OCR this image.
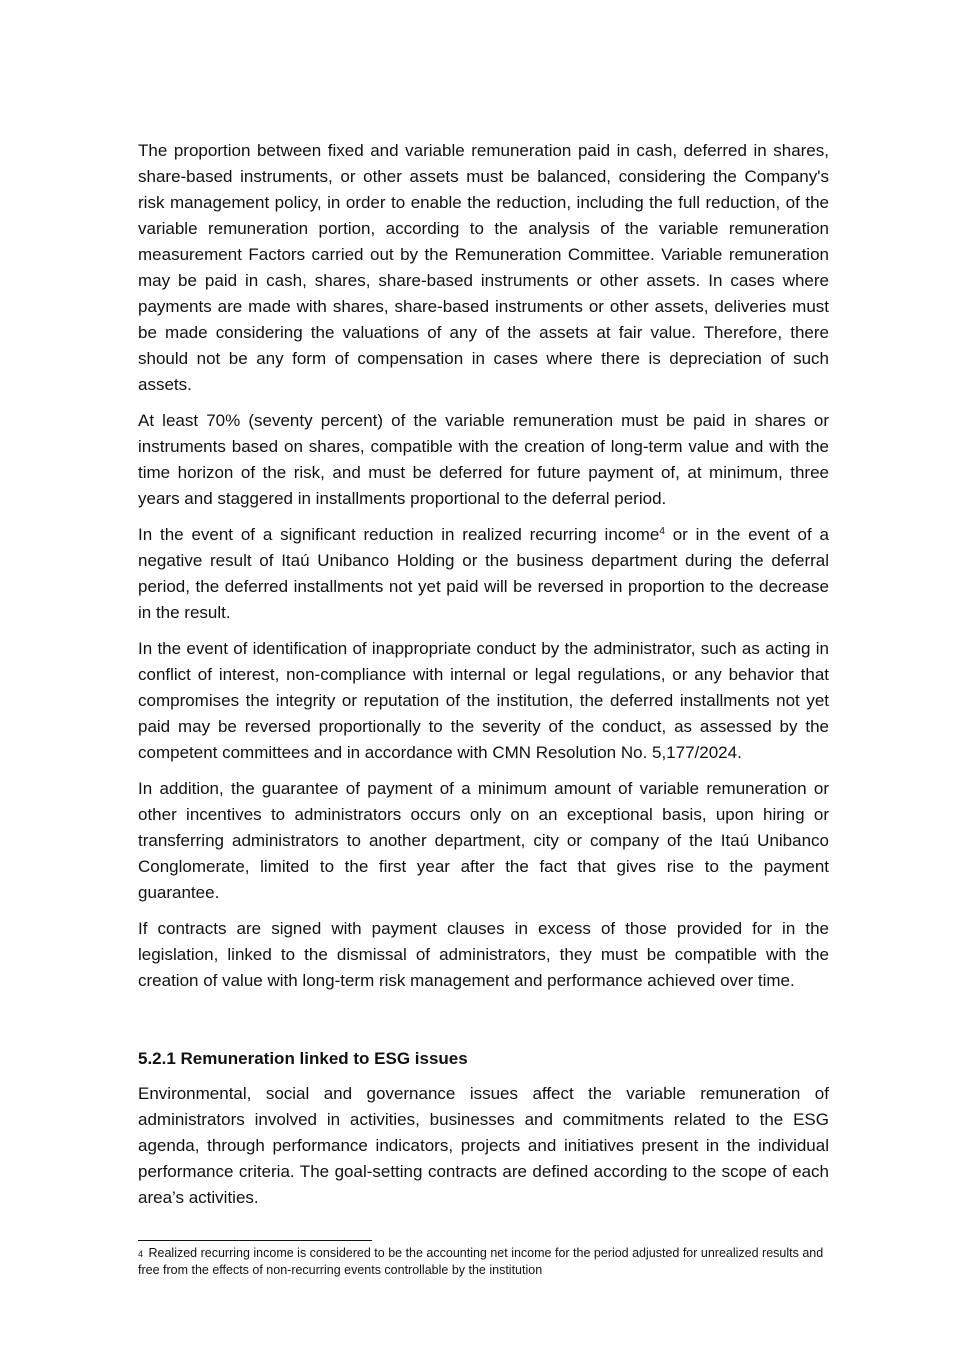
The proportion between fixed and variable remuneration paid in cash, deferred in shares, share-based instruments, or other assets must be balanced, considering the Company's risk management policy, in order to enable the reduction, including the full reduction, of the variable remuneration portion, according to the analysis of the variable remuneration measurement Factors carried out by the Remuneration Committee. Variable remuneration may be paid in cash, shares, share-based instruments or other assets. In cases where payments are made with shares, share-based instruments or other assets, deliveries must be made considering the valuations of any of the assets at fair value. Therefore, there should not be any form of compensation in cases where there is depreciation of such assets.

At least 70% (seventy percent) of the variable remuneration must be paid in shares or instruments based on shares, compatible with the creation of long-term value and with the time horizon of the risk, and must be deferred for future payment of, at minimum, three years and staggered in installments proportional to the deferral period.

In the event of a significant reduction in realized recurring income$^4$ or in the event of a negative result of Itaú Unibanco Holding or the business department during the deferral period, the deferred installments not yet paid will be reversed in proportion to the decrease in the result.

In the event of identification of inappropriate conduct by the administrator, such as acting in conflict of interest, non-compliance with internal or legal regulations, or any behavior that compromises the integrity or reputation of the institution, the deferred installments not yet paid may be reversed proportionally to the severity of the conduct, as assessed by the competent committees and in accordance with CMN Resolution No. 5,177/2024.

In addition, the guarantee of payment of a minimum amount of variable remuneration or other incentives to administrators occurs only on an exceptional basis, upon hiring or transferring administrators to another department, city or company of the Itaú Unibanco Conglomerate, limited to the first year after the fact that gives rise to the payment guarantee.

If contracts are signed with payment clauses in excess of those provided for in the legislation, linked to the dismissal of administrators, they must be compatible with the creation of value with long-term risk management and performance achieved over time.

5.2.1 Remuneration linked to ESG issues

Environmental, social and governance issues affect the variable remuneration of administrators involved in activities, businesses and commitments related to the ESG agenda, through performance indicators, projects and initiatives present in the individual performance criteria. The goal-setting contracts are defined according to the scope of each area’s activities.

4 Realized recurring income is considered to be the accounting net income for the period adjusted for unrealized results and free from the effects of non-recurring events controllable by the institution
